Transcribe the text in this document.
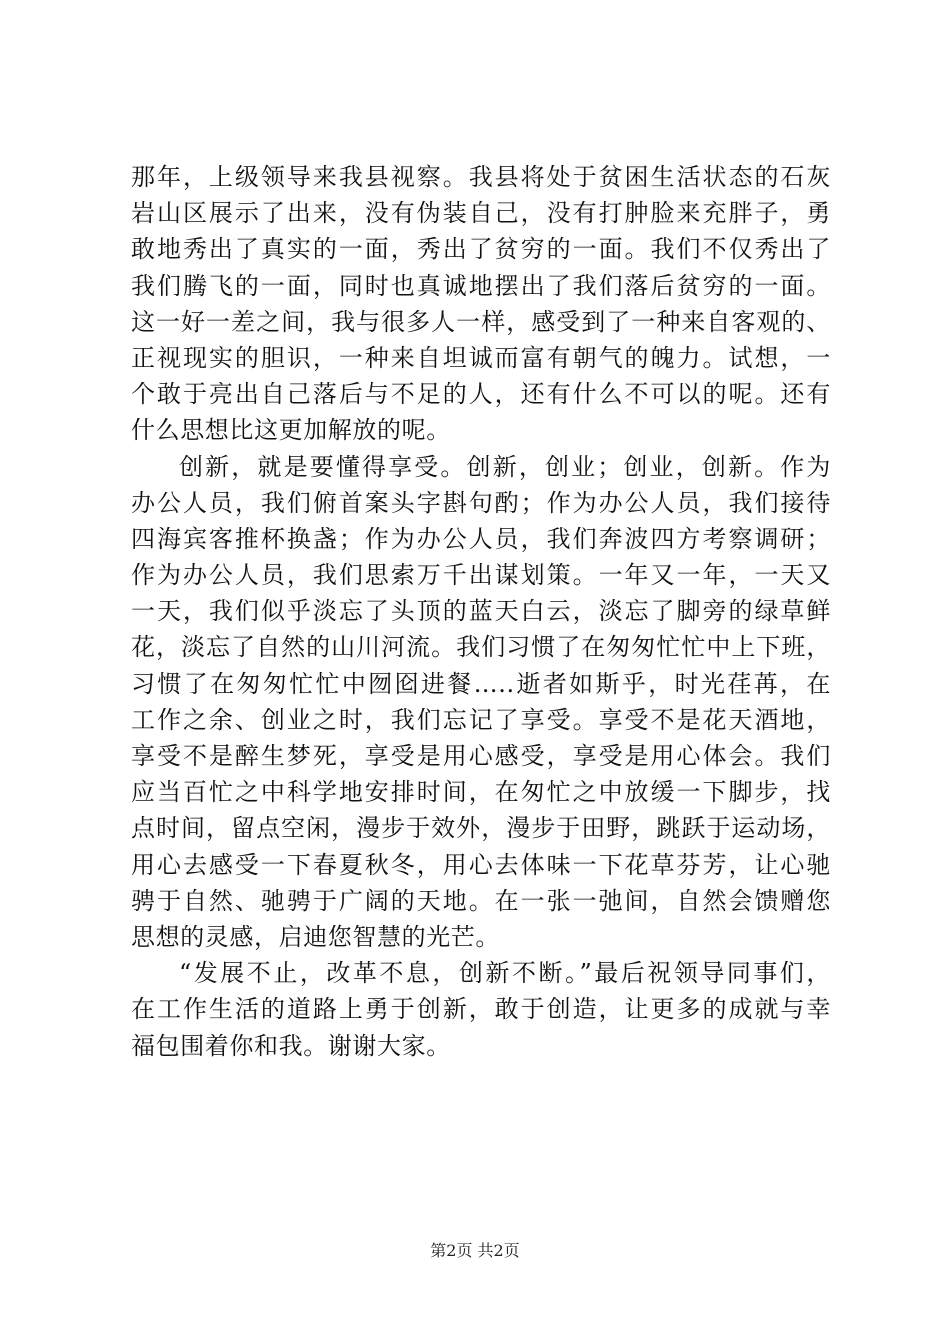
那年，上级领导来我县视察。我县将处于贫困生活状态的石灰
岩山区展示了出来，没有伪装自己，没有打肿脸来充胖子，勇
敢地秀出了真实的一面，秀出了贫穷的一面。我们不仅秀出了
我们腾飞的一面，同时也真诚地摆出了我们落后贫穷的一面。
这一好一差之间，我与很多人一样，感受到了一种来自客观的、
正视现实的胆识，一种来自坦诚而富有朝气的魄力。试想，一
个敢于亮出自己落后与不足的人，还有什么不可以的呢。还有
什么思想比这更加解放的呢。
创新，就是要懂得享受。创新，创业；创业，创新。作为
办公人员，我们俯首案头字斟句酌；作为办公人员，我们接待
四海宾客推杯换盏；作为办公人员，我们奔波四方考察调研；
作为办公人员，我们思索万千出谋划策。一年又一年，一天又
一天，我们似乎淡忘了头顶的蓝天白云，淡忘了脚旁的绿草鲜
花，淡忘了自然的山川河流。我们习惯了在匆匆忙忙中上下班，
习惯了在匆匆忙忙中囫囵进餐…..逝者如斯乎，时光荏苒，在
工作之余、创业之时，我们忘记了享受。享受不是花天酒地，
享受不是醉生梦死，享受是用心感受，享受是用心体会。我们
应当百忙之中科学地安排时间，在匆忙之中放缓一下脚步，找
点时间，留点空闲，漫步于效外，漫步于田野，跳跃于运动场，
用心去感受一下春夏秋冬，用心去体味一下花草芬芳，让心驰
骋于自然、驰骋于广阔的天地。在一张一弛间，自然会馈赠您
思想的灵感，启迪您智慧的光芒。
“发展不止，改革不息，创新不断。”最后祝领导同事们，
在工作生活的道路上勇于创新，敢于创造，让更多的成就与幸
福包围着你和我。谢谢大家。
第2页 共2页
